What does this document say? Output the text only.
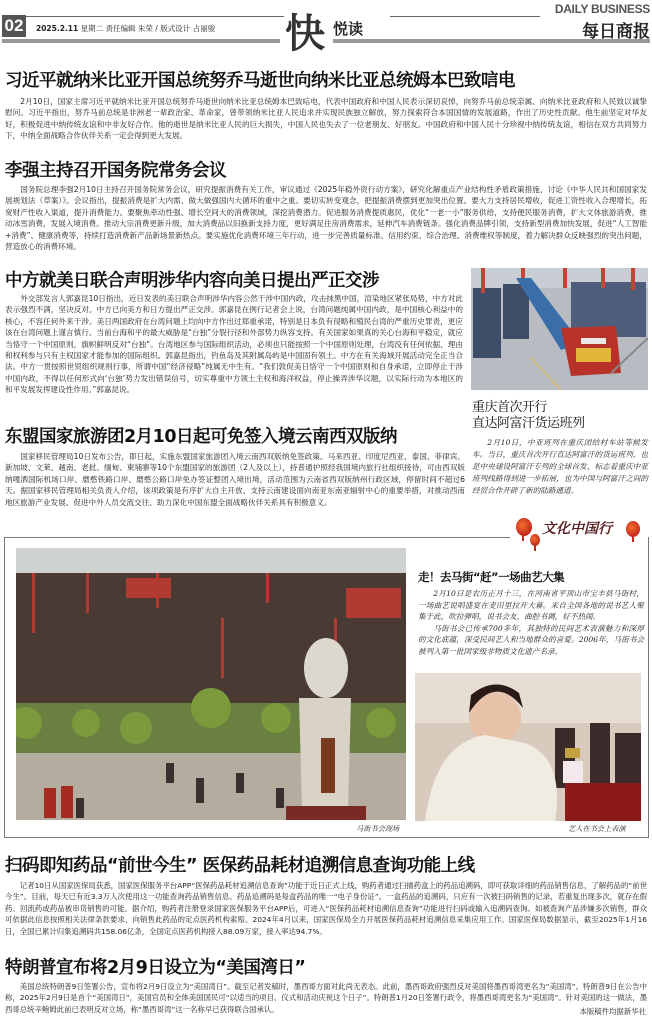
02	2025.2.11 星期二 责任编辑 朱荣 / 版式设计 占丽骏 快 悦读
DAILY BUSINESS
每日商报
习近平就纳米比亚开国总统努乔马逝世向纳米比亚总统姆本巴致唁电
2月10日，国家主席习近平就纳米比亚开国总统努乔马逝世向纳米比亚总统姆本巴致唁电，代表中国政府和中国人民表示深切哀悼，向努乔马前总统亲属、向纳米比亚政府和人民致以诚挚慰问。习近平指出，努乔马前总统是非洲老一辈政治家、革命家，曾带领纳米比亚人民追求并实现民族独立解放，努力探索符合本国国情的发展道路，作出了历史性贡献。他生前坚定对华友好，积极促进中纳传统友谊和中非友好合作。他的逝世是纳米比亚人民的巨大损失，中国人民也失去了一位老朋友、好朋友。中国政府和中国人民十分珍视中纳传统友谊，相信在双方共同努力下，中纳全面战略合作伙伴关系一定会得到更大发展。
李强主持召开国务院常务会议
国务院总理李强2月10日主持召开国务院常务会议，研究提振消费有关工作，审议通过《2025年稳外资行动方案》，研究化解重点产业结构性矛盾政策措施，讨论《中华人民共和国国家发展规划法（草案）》。会议指出，提振消费是扩大内需、做大做强国内大循环的重中之重。要切实转变观念，把提振消费摆到更加突出位置。要大力支持居民增收，促进工资性收入合理增长，拓宽财产性收入渠道，提升消费能力。要聚焦牵动性强、增长空间大的消费领域，深挖消费潜力。促进服务消费提质惠民，优化“一老一小”服务供给，支持便民服务消费，扩大文体旅游消费，推动冰雪消费，发展入境消费。推动大宗消费更新升级，加大消费品以旧换新支持力度，更好满足住房消费需求，延伸汽车消费链条。强化消费品牌引领，支持新型消费加快发展，促进“人工智能+消费”、健康消费等，持续打造消费新产品新场景新热点。要实施优化消费环境三年行动，进一步完善质量标准、信用约束、综合治理、消费维权等制度，着力解决群众反映强烈的突出问题，营造放心的消费环境。
中方就美日联合声明涉华内容向美日提出严正交涉
外交部发言人郭嘉昆10日指出，近日发表的美日联合声明涉华内容公然干涉中国内政，攻击抹黑中国，渲染地区紧张局势，中方对此表示强烈不满，坚决反对。中方已向美方和日方提出严正交涉。郭嘉昆在例行记者会上说，台湾问题纯属中国内政，是中国核心利益中的核心，不容任何外来干涉。美日两国政府在台湾问题上均向中方作出过郑重承诺，特别是日本负有侵略和殖民台湾的严重历史罪责，更应该在台湾问题上谨言慎行。当前台海和平的最大威胁是“台独”分裂行径和外部势力纵容支持。有关国家如果真的关心台海和平稳定，就应当恪守一个中国原则，旗帜鲜明反对“台独”。台湾地区参与国际组织活动，必须也只能按照一个中国原则处理，台湾没有任何依据、理由和权利参与只有主权国家才能参加的国际组织。郭嘉昆指出，钓鱼岛及其附属岛屿是中国固有领土。中方在有关海域开展活动完全正当合法。中方一贯按照世贸组织规则行事，所谓中国“经济侵略”纯属无中生有。“我们敦促美日恪守一个中国原则和自身承诺，立即停止干涉中国内政，不得以任何形式向‘台独’势力发出错误信号，切实尊重中方领土主权和海洋权益，停止操弄涉华议题，以实际行动为本地区的和平发展发挥建设性作用。”郭嘉昆说。
重庆首次开行
直达阿富汗货运班列

2月10日，中亚班列在重庆团结村车站等候发车。当日，重庆首次开行直达阿富汗的货运班列，也是中央建设阿富汗专列的全球首发，标志着重庆中亚班列线路得到进一步拓展，也为中国与阿富汗之间的经贸合作开辟了新的陆路通道。

东盟国家旅游团2月10日起可免签入境云南西双版纳
国家移民管理局10日发布公告，即日起，实施东盟国家旅游团入境云南西双版纳免签政策。马来西亚、印度尼西亚、泰国、菲律宾、新加坡、文莱、越南、老挝、缅甸、柬埔寨等10个东盟国家的旅游团（2人及以上），持普通护照经我国境内旅行社组织接待，可由西双版纳嘎洒国际机场口岸、磨憨铁路口岸、磨憨公路口岸免办签证整团入境出境，活动范围为云南省西双版纳州行政区域，停留时间不超过6天。据国家移民管理局相关负责人介绍，该项政策是有序扩大自主开放、支持云南建设面向南亚东南亚辐射中心的重要举措，对推动西南地区旅游产业发展、促进中外人员交流交往、助力深化中国东盟全面战略伙伴关系具有积极意义。
文化中国行
马街书会现场
走！去马街“赶”一场曲艺大集

2月10日是农历正月十三，在河南省平顶山市宝丰县马街村，一场曲艺说唱盛宴在麦田里拉开大幕。来自全国各地的说书艺人聚集于此，吹拉弹唱，说书会友，曲腔书调，好不热闹。

马街书会已传承700多年，其独特的民间艺术表演魅力和深厚的文化底蕴，深受民间艺人和当地群众的喜爱。2006年，马街书会被列入第一批国家级非物质文化遗产名录。

艺人在书会上表演
扫码即知药品“前世今生” 医保药品耗材追溯信息查询功能上线
记者10日从国家医保局获悉，国家医保服务平台APP“医保药品耗材追溯信息查询”功能于近日正式上线，购药者通过扫描药盒上的药品追溯码，即可获取详细的药品销售信息，了解药品的“前世今生”。目前，每天已有近3.3万人次使用这一功能查询药品销售信息。药品追溯码是每盒药品的唯一“电子身份证”。一盒药品的追溯码，只应有一次被扫码销售的记录，若重复出现多次，就存在假药、回流药或药品被串货销售的可能。据介绍，购药者注册登录国家医保服务平台APP后，可进入“医保药品耗材追溯信息查询”功能进行扫码或输入追溯码查询。如被查询产品涉嫌多次销售，群众可依据此信息按照相关法律条款要求，向销售此药品的定点医药机构索赔。2024年4月以来，国家医保局全力开展医保药品耗材追溯信息采集应用工作。国家医保局数据显示，截至2025年1月16日，全国已累计归集追溯码共158.06亿条，全国定点医药机构接入88.09万家，接入率达94.7%。
特朗普宣布将2月9日设立为“美国湾日”
美国总统特朗普9日签署公告，宣布将2月9日设立为“美国湾日”。截至记者发稿时，墨西哥方面对此尚无表态。此前，墨西哥政府强烈反对美国将墨西哥湾更名为“美国湾”。特朗普9日在公告中称，2025年2月9日是首个“美国湾日”，美国官员和全体美国国民可“以适当的项目、仪式和活动庆祝这个日子”。特朗普1月20日签署行政令，将墨西哥湾更名为“美国湾”。针对美国的这一做法，墨西哥总统辛鲍姆此前已表明反对立场，称“墨西哥湾”这一名称早已获得联合国承认。	本版稿件均据新华社
